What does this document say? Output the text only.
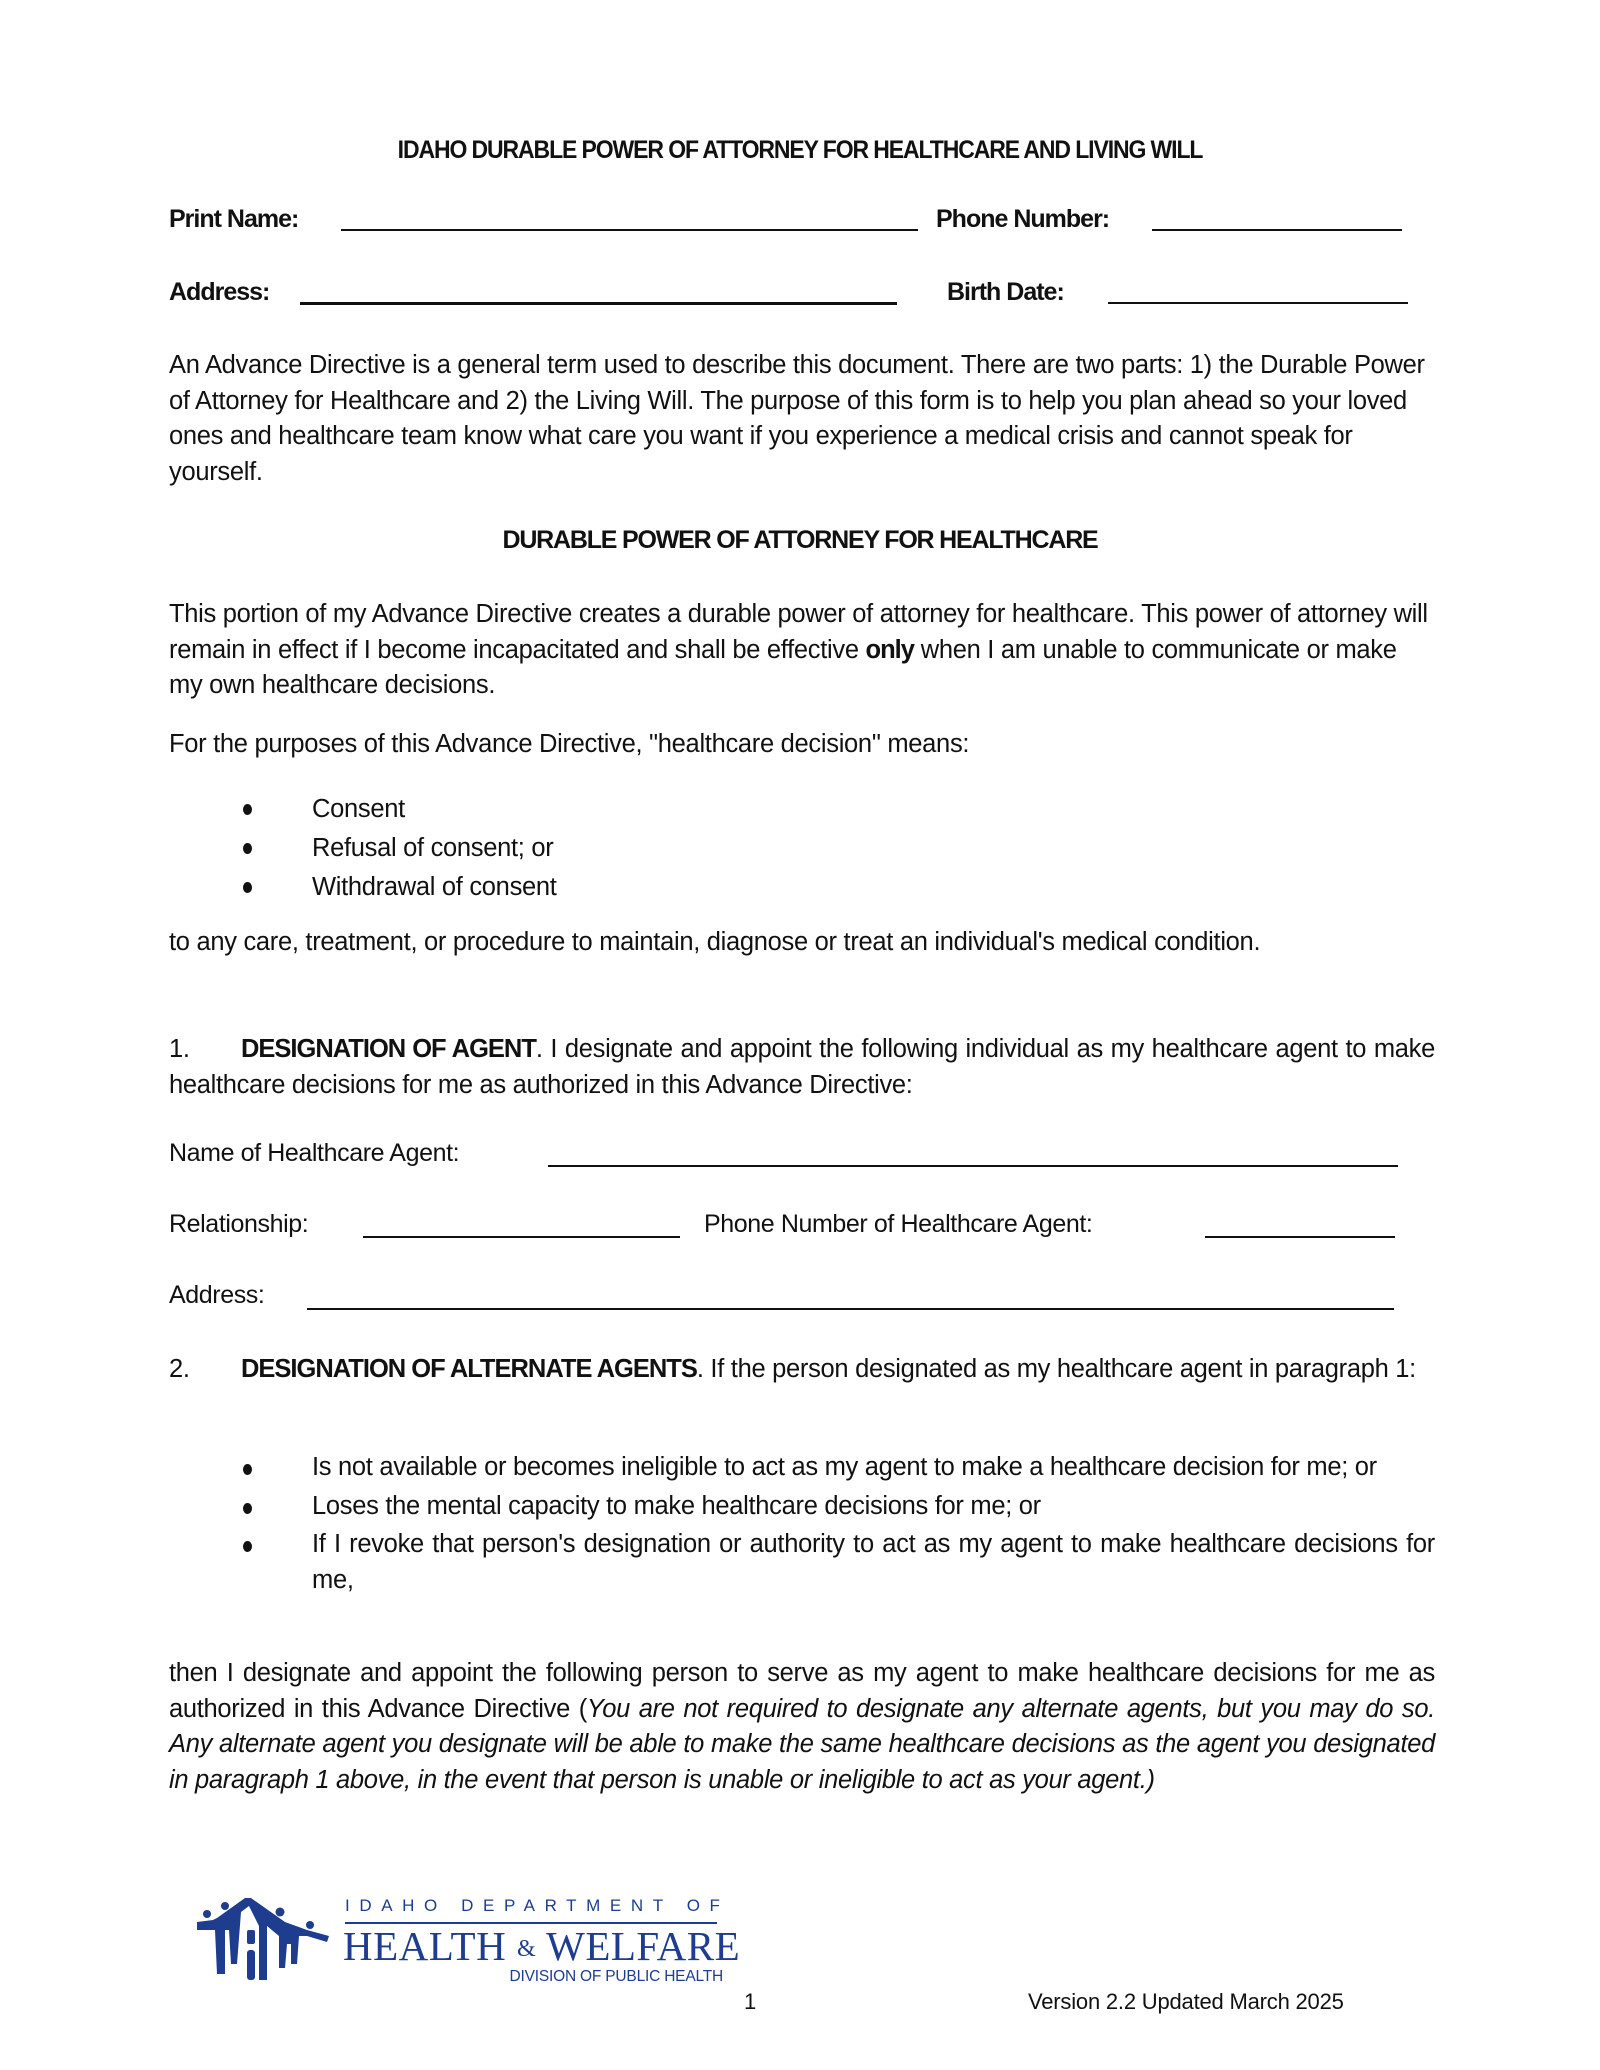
IDAHO DURABLE POWER OF ATTORNEY FOR HEALTHCARE AND LIVING WILL
Print Name:	Phone Number:
Address:	Birth Date:
An Advance Directive is a general term used to describe this document. There are two parts: 1) the Durable Power of Attorney for Healthcare and 2) the Living Will. The purpose of this form is to help you plan ahead so your loved ones and healthcare team know what care you want if you experience a medical crisis and cannot speak for yourself.
DURABLE POWER OF ATTORNEY FOR HEALTHCARE
This portion of my Advance Directive creates a durable power of attorney for healthcare. This power of attorney will remain in effect if I become incapacitated and shall be effective only when I am unable to communicate or make my own healthcare decisions.
For the purposes of this Advance Directive, "healthcare decision" means:
Consent
Refusal of consent; or
Withdrawal of consent
to any care, treatment, or procedure to maintain, diagnose or treat an individual's medical condition.
1. DESIGNATION OF AGENT. I designate and appoint the following individual as my healthcare agent to make healthcare decisions for me as authorized in this Advance Directive:
Name of Healthcare Agent:
Relationship:	Phone Number of Healthcare Agent:
Address:
2. DESIGNATION OF ALTERNATE AGENTS. If the person designated as my healthcare agent in paragraph 1:
Is not available or becomes ineligible to act as my agent to make a healthcare decision for me; or
Loses the mental capacity to make healthcare decisions for me; or
If I revoke that person's designation or authority to act as my agent to make healthcare decisions for me,
then I designate and appoint the following person to serve as my agent to make healthcare decisions for me as authorized in this Advance Directive (You are not required to designate any alternate agents, but you may do so. Any alternate agent you designate will be able to make the same healthcare decisions as the agent you designated in paragraph 1 above, in the event that person is unable or ineligible to act as your agent.)
IDAHO DEPARTMENT OF
HEALTH & WELFARE
DIVISION OF PUBLIC HEALTH
1	Version 2.2 Updated March 2025
